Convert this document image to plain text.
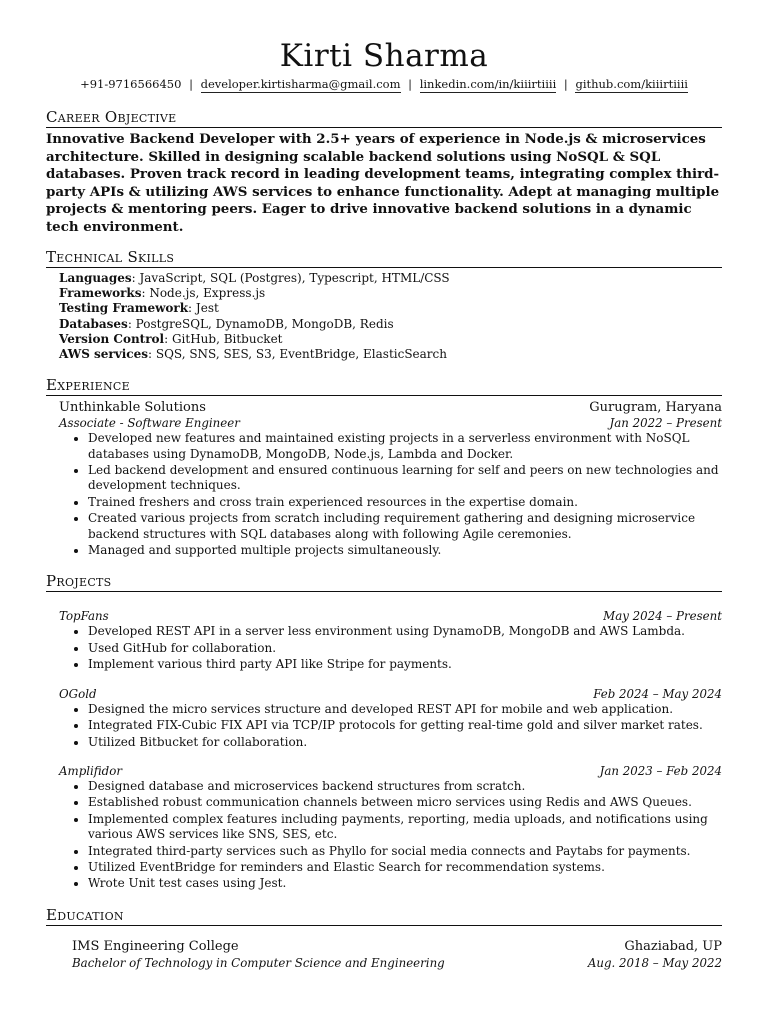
Kirti Sharma
+91-9716566450 | developer.kirtisharma@gmail.com | linkedin.com/in/kiiirtiiii | github.com/kiiirtiiii
Career Objective

Innovative Backend Developer with 2.5+ years of experience in Node.js & microservices architecture. Skilled in designing scalable backend solutions using NoSQL & SQL databases. Proven track record in leading development teams, integrating complex third-party APIs & utilizing AWS services to enhance functionality. Adept at managing multiple projects & mentoring peers. Eager to drive innovative backend solutions in a dynamic tech environment.

Technical Skills
Languages: JavaScript, SQL (Postgres), Typescript, HTML/CSS
Frameworks: Node.js, Express.js
Testing Framework: Jest
Databases: PostgreSQL, DynamoDB, MongoDB, Redis
Version Control: GitHub, Bitbucket
AWS services: SQS, SNS, SES, S3, EventBridge, ElasticSearch
Experience
Unthinkable Solutions	Gurugram, Haryana
Associate - Software Engineer	Jan 2022 – Present
• Developed new features and maintained existing projects in a serverless environment with NoSQL databases using DynamoDB, MongoDB, Node.js, Lambda and Docker.
• Led backend development and ensured continuous learning for self and peers on new technologies and development techniques.
• Trained freshers and cross train experienced resources in the expertise domain.
• Created various projects from scratch including requirement gathering and designing microservice backend structures with SQL databases along with following Agile ceremonies.
• Managed and supported multiple projects simultaneously.
Projects
TopFans	May 2024 – Present
• Developed REST API in a server less environment using DynamoDB, MongoDB and AWS Lambda.
• Used GitHub for collaboration.
• Implement various third party API like Stripe for payments.
OGold	Feb 2024 – May 2024
• Designed the micro services structure and developed REST API for mobile and web application.
• Integrated FIX-Cubic FIX API via TCP/IP protocols for getting real-time gold and silver market rates.
• Utilized Bitbucket for collaboration.
Amplifidor	Jan 2023 – Feb 2024
• Designed database and microservices backend structures from scratch.
• Established robust communication channels between micro services using Redis and AWS Queues.
• Implemented complex features including payments, reporting, media uploads, and notifications using various AWS services like SNS, SES, etc.
• Integrated third-party services such as Phyllo for social media connects and Paytabs for payments.
• Utilized EventBridge for reminders and Elastic Search for recommendation systems.
• Wrote Unit test cases using Jest.
Education
IMS Engineering College	Ghaziabad, UP
Bachelor of Technology in Computer Science and Engineering	Aug. 2018 – May 2022
